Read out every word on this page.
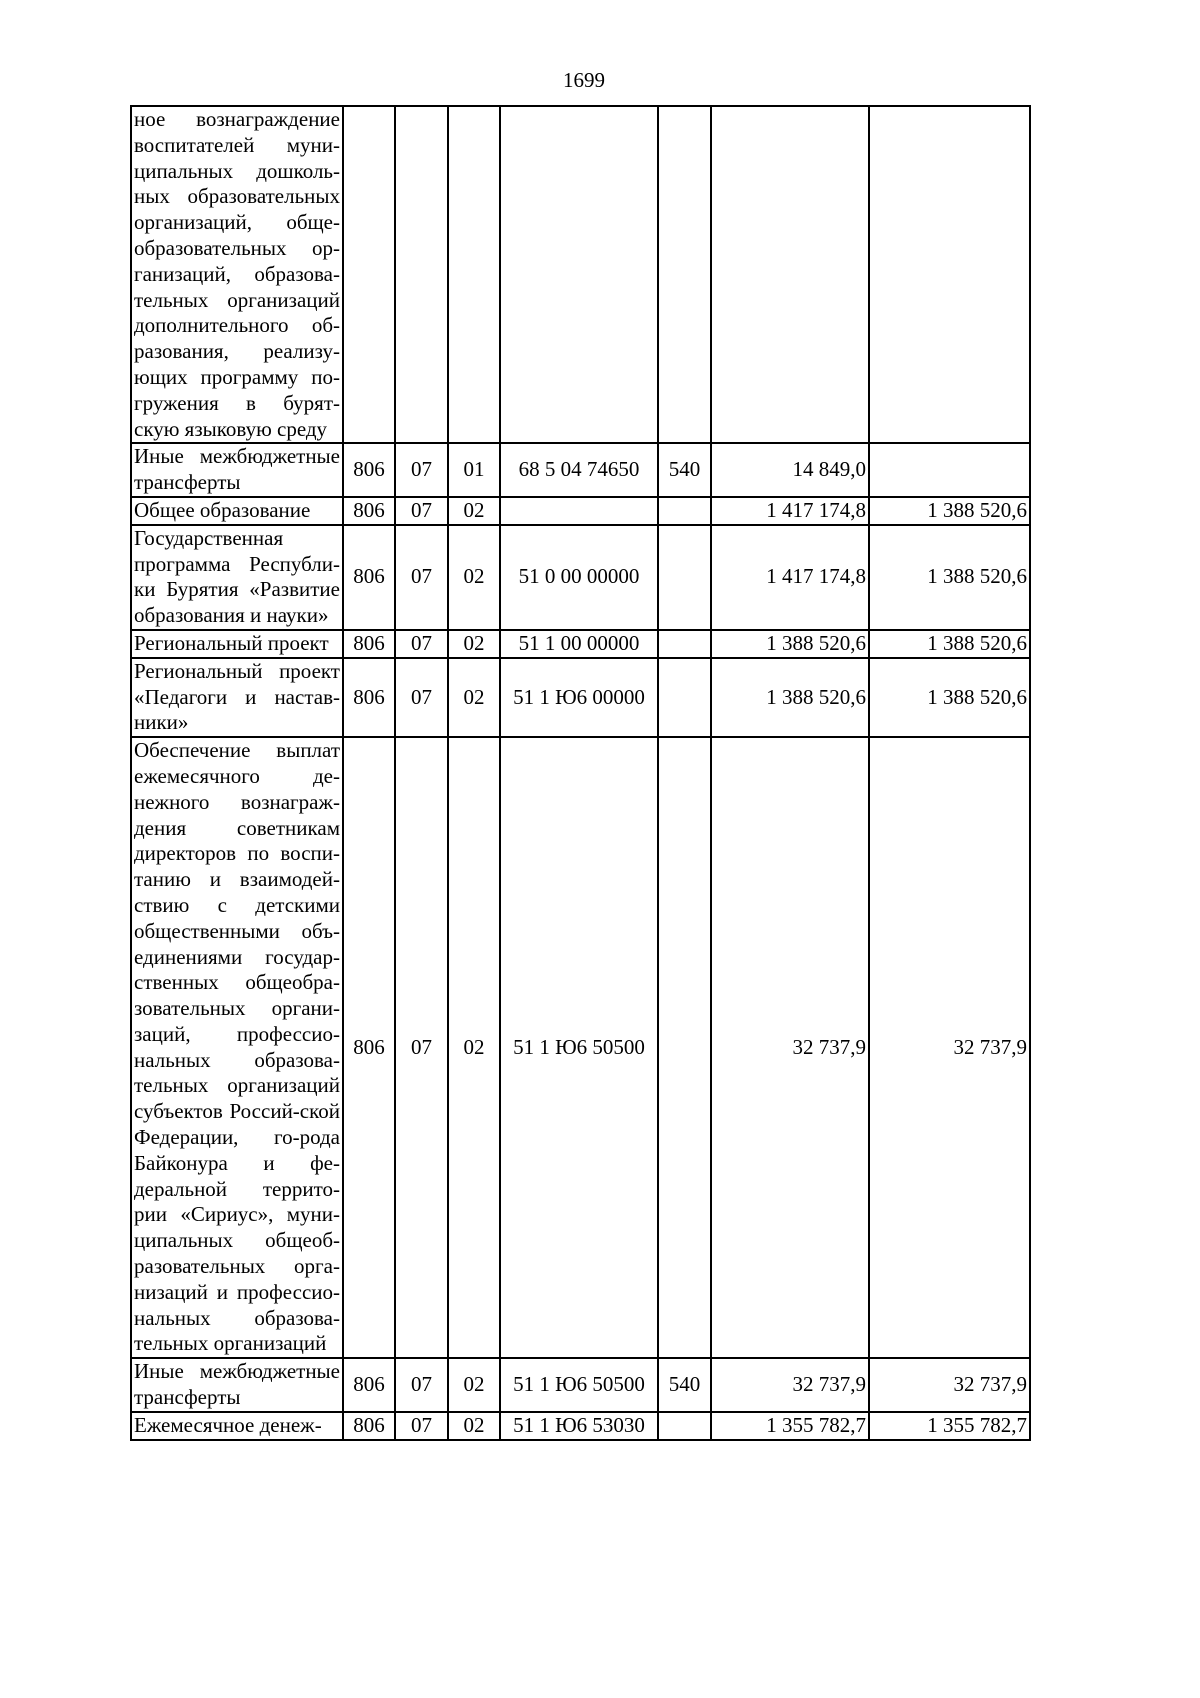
1699
ное вознаграждение воспитателей муни-ципальных дошколь-ных образовательных организаций, обще-образовательных ор-ганизаций, образова-тельных организаций дополнительного об-разования, реализу-ющих программу по-гружения в бурят-скую языковую среду							
Иные межбюджетные трансферты	806	07	01	68 5 04 74650	540	14 849,0	
Общее образование	806	07	02			1 417 174,8	1 388 520,6
Государственная программа Республи-ки Бурятия «Развитие образования и науки»	806	07	02	51 0 00 00000		1 417 174,8	1 388 520,6
Региональный проект	806	07	02	51 1 00 00000		1 388 520,6	1 388 520,6
Региональный проект «Педагоги и настав-ники»	806	07	02	51 1 Ю6 00000		1 388 520,6	1 388 520,6
Обеспечение выплат ежемесячного де-нежного вознаграж-дения советникам директоров по воспи-танию и взаимодей-ствию с детскими общественными объ-единениями государ-ственных общеобра-зовательных органи-заций, профессио-нальных образова-тельных организаций субъектов Россий-ской Федерации, го-рода Байконура и фе-деральной террито-рии «Сириус», муни-ципальных общеоб-разовательных орга-низаций и профессио-нальных образова-тельных организаций	806	07	02	51 1 Ю6 50500		32 737,9	32 737,9
Иные межбюджетные трансферты	806	07	02	51 1 Ю6 50500	540	32 737,9	32 737,9
Ежемесячное денеж-	806	07	02	51 1 Ю6 53030		1 355 782,7	1 355 782,7
